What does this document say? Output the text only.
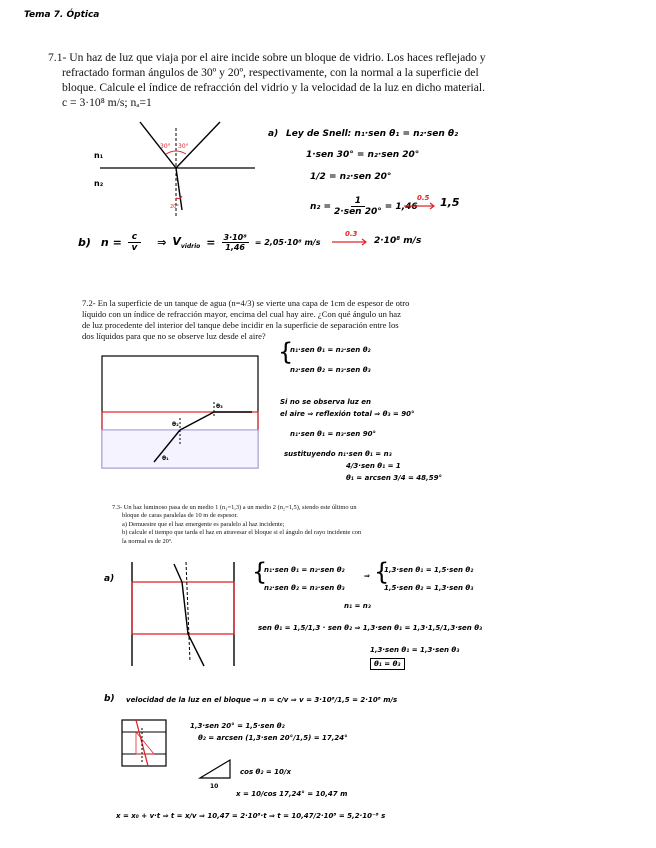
Tema 7. Óptica
7.1- Un haz de luz que viaja por el aire incide sobre un bloque de vidrio. Los haces reflejado y
refractado forman ángulos de 30º y 20º, respectivamente, con la normal a la superficie del
bloque. Calcule el índice de refracción del vidrio y la velocidad de la luz en dicho material.
c = 3·10⁸ m/s; nₐ=1
n₁
n₂
30° 30°
20°
a) Ley de Snell: n₁·sen θ₁ = n₂·sen θ₂
1·sen 30° = n₂·sen 20°
1/2 = n₂·sen 20°
n₂ =
1
2·sen 20°
= 1,46
0.5 1,5
b) $n = \frac{c}{v}$ ⇒ $V_{vidrio} = \frac{\text{3·10⁸}}{1,46} = 2,05\cdot 10^8$ m/s
0.3
2·10⁸ m/s
7.2- En la superficie de un tanque de agua (n=4/3) se vierte una capa de 1cm de espesor de otro
líquido con un índice de refracción mayor, encima del cual hay aire. ¿Con qué ángulo un haz
de luz procedente del interior del tanque debe incidir en la superficie de separación entre los
dos líquidos para que no se observe luz desde el aire?
θ₃
θ₂
θ₁
{
n₁·sen θ₁ = n₂·sen θ₂
n₂·sen θ₂ = n₃·sen θ₃
Si no se observa luz en
el aire ⇒ reflexión total ⇒ θ₃ = 90°
n₁·sen θ₁ = n₃·sen 90°
sustituyendo n₁·sen θ₁ = n₃
4/3·sen θ₁ = 1
θ₁ = arcsen 3/4 = 48,59°
7.3- Un haz luminoso pasa de un medio 1 (n₁=1,3) a un medio 2 (n₂=1,5), siendo este último un
bloque de caras paralelas de 10 m de espesor.
a) Demuestre que el haz emergente es paralelo al haz incidente;
b) calcule el tiempo que tarda el haz en atravesar el bloque si el ángulo del rayo incidente con
la normal es de 20º.
a)	{
n₁·sen θ₁ = n₂·sen θ₂
n₂·sen θ₂ = n₃·sen θ₃
⇒ {
1,3·sen θ₁ = 1,5·sen θ₂
1,5·sen θ₂ = 1,3·sen θ₃
n₁ = n₃
sen θ₁ = 1,5/1,3 · sen θ₂ ⇒ 1,3·sen θ₁ = 1,3·1,5/1,3·sen θ₃
1,3·sen θ₁ = 1,3·sen θ₃
θ₁ = θ₃
b) velocidad de la luz en el bloque ⇒ n = c/v ⇒ v = 3·10⁸/1,5 = 2·10⁸ m/s
1,3·sen 20° = 1,5·sen θ₂
θ₂ = arcsen (1,3·sen 20°/1,5) = 17,24°
10
cos θ₂ = 10/x
x = 10/cos 17,24° = 10,47 m
x = x₀ + v·t ⇒ t = x/v ⇒ 10,47 = 2·10⁸·t ⇒ t = 10,47/2·10⁸ = 5,2·10⁻⁸ s
